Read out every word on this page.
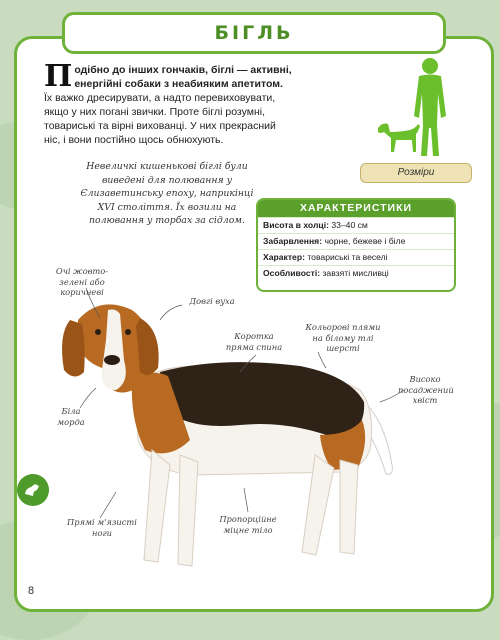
БІГЛЬ
Подібно до інших гончаків, біглі — активні, енергійні собаки з неабияким апетитом. Їх важко дресирувати, а надто перевиховувати, якщо у них погані звички. Проте біглі розумні, товариські та вірні вихованці. У них прекрасний ніс, і вони постійно щось обнюхують.
Розміри
Невеличкі кишенькові біглі були виведені для полювання у Єлизаветинську епоху, наприкінці XVI століття. Їх возили на полювання у торбах за сідлом.
ХАРАКТЕРИСТИКИ
Висота в холці: 33–40 см
Забарвлення: чорне, бежеве і біле
Характер: товариські та веселі
Особливості: завзяті мисливці
Очі жовто-зелені або коричневі
Довгі вуха
Коротка пряма спина
Кольорові плями на білому тлі шерсті
Високо посаджений хвіст
Біла морда
Прямі м'язисті ноги
Пропорційне міцне тіло
8
